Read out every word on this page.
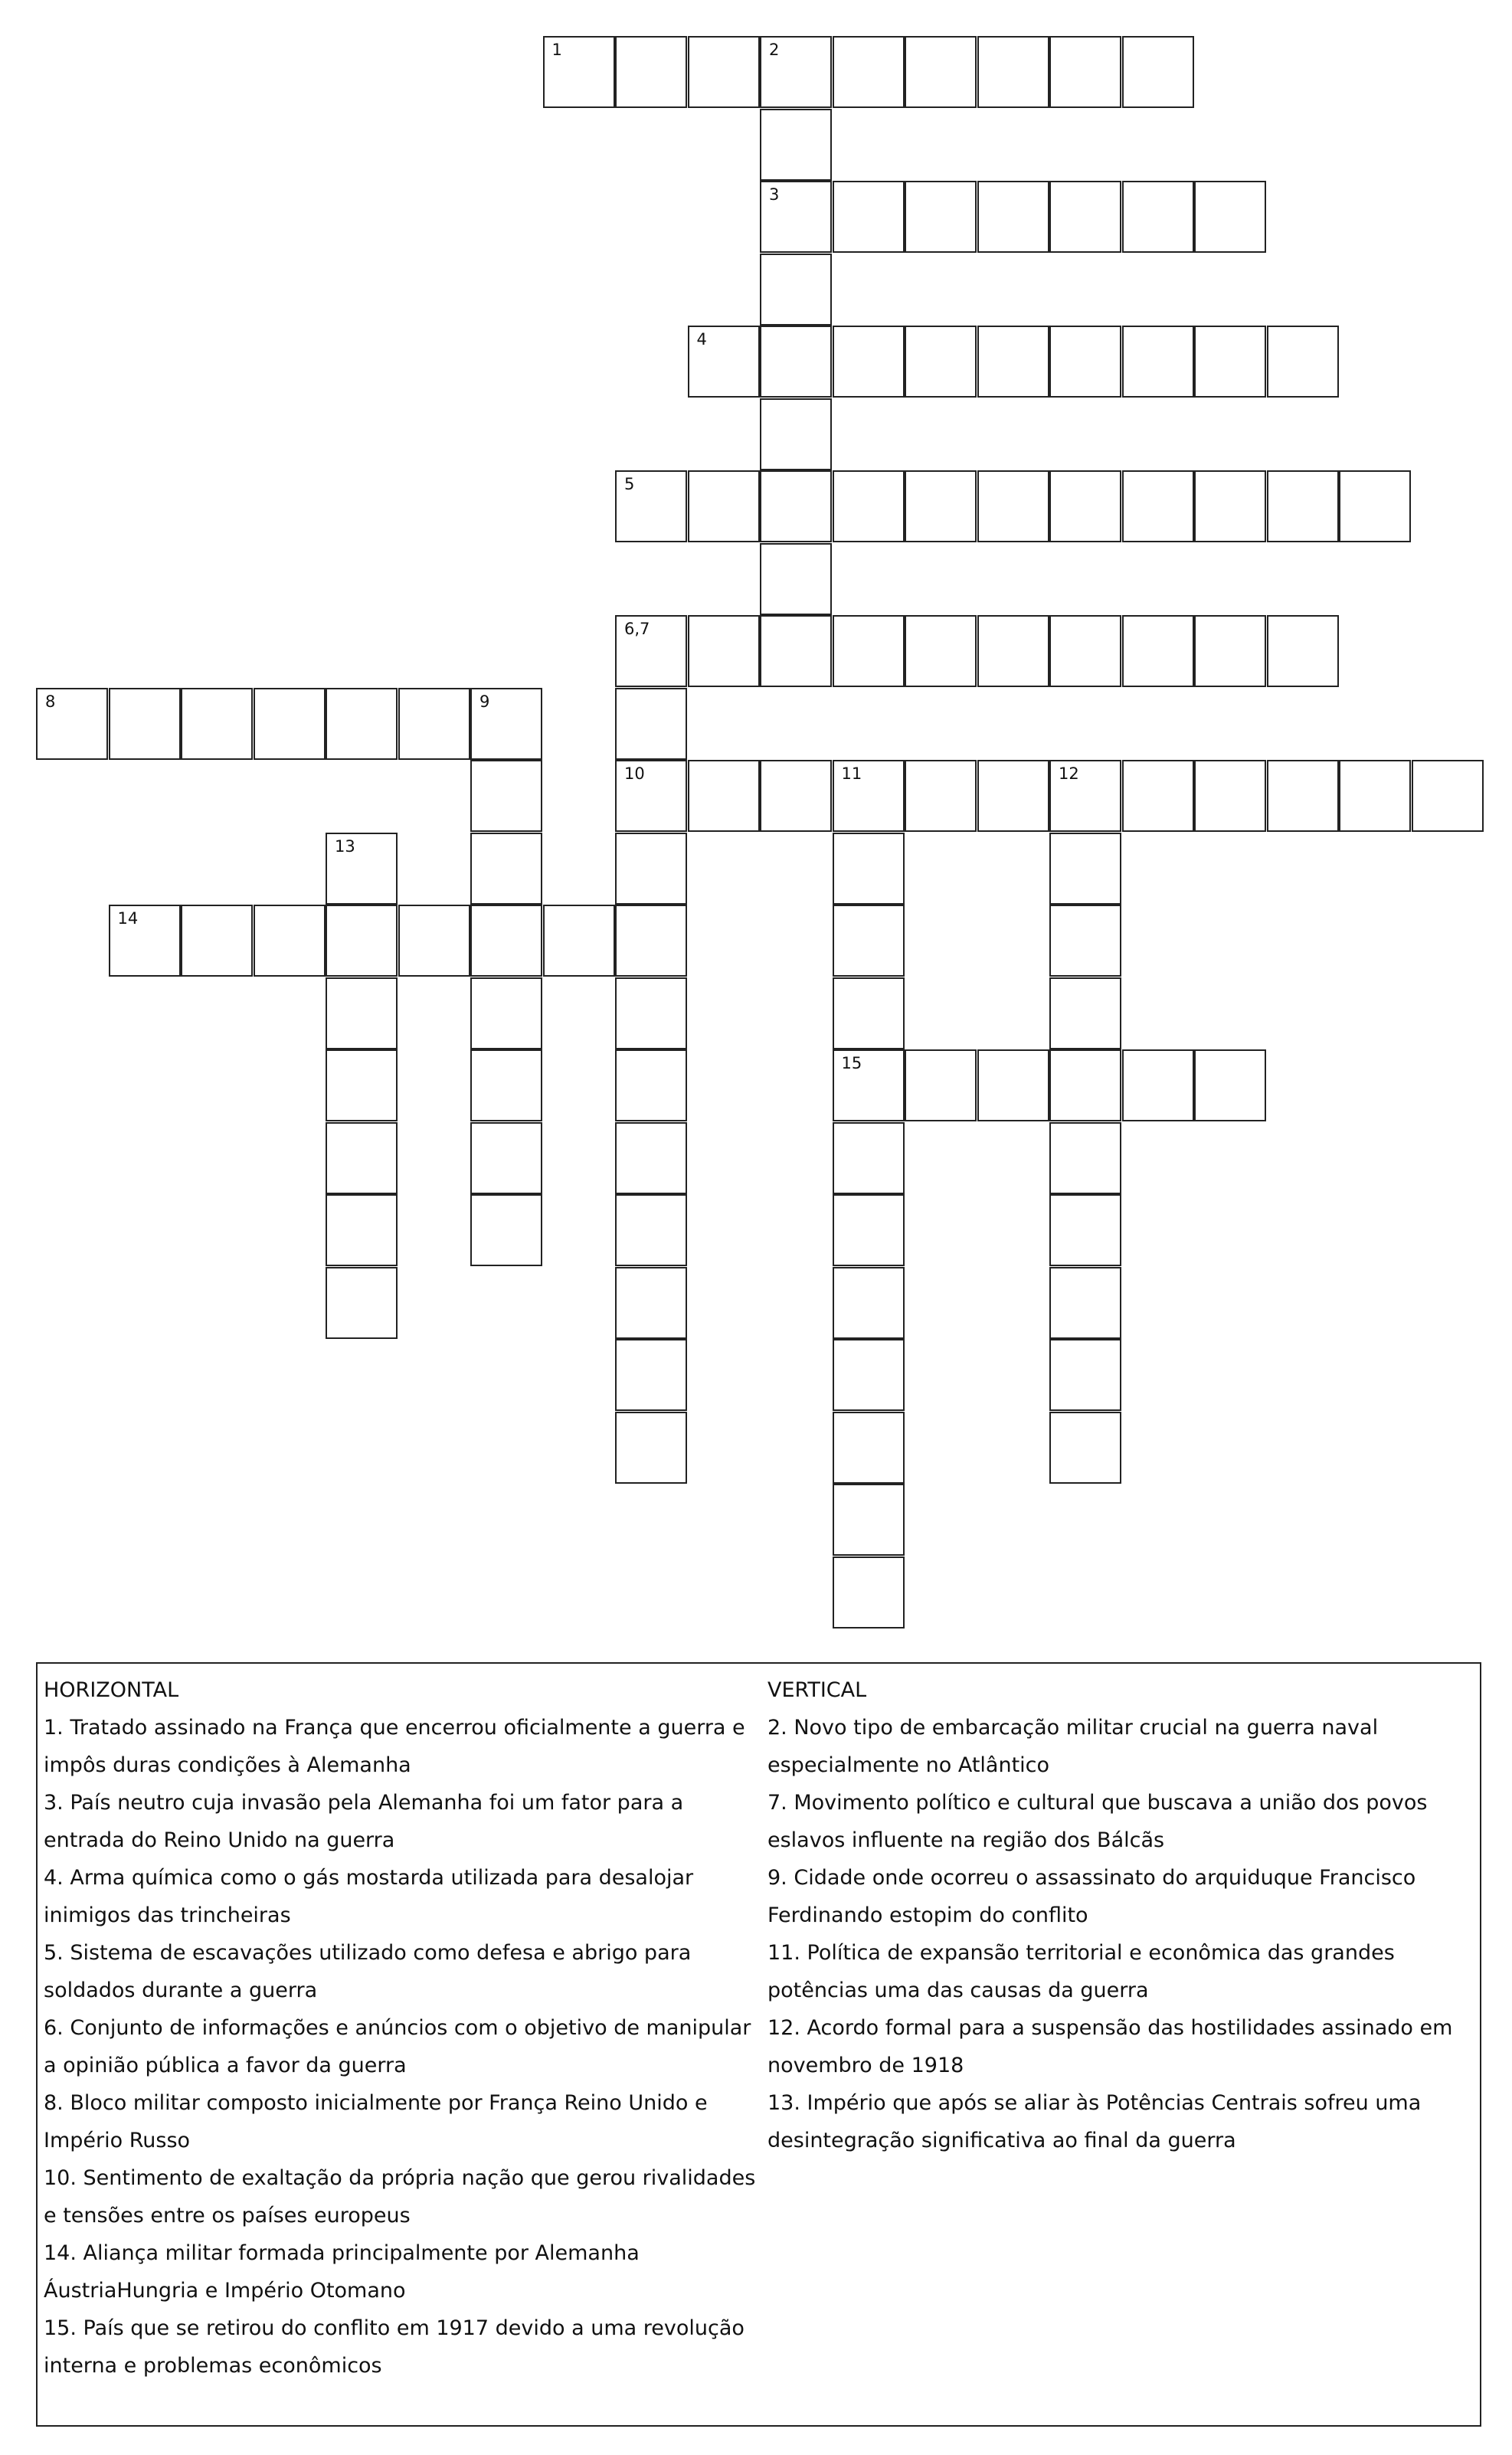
1	2
3
4
5
6,7
10
8	9
11	12
15
13
14

HORIZONTAL

1. Tratado assinado na França que encerrou oficialmente a guerra e impôs duras condições à Alemanha

3. País neutro cuja invasão pela Alemanha foi um fator para a entrada do Reino Unido na guerra

4. Arma química como o gás mostarda utilizada para desalojar inimigos das trincheiras

5. Sistema de escavações utilizado como defesa e abrigo para soldados durante a guerra

6. Conjunto de informações e anúncios com o objetivo de manipular a opinião pública a favor da guerra

8. Bloco militar composto inicialmente por França Reino Unido e Império Russo

10. Sentimento de exaltação da própria nação que gerou rivalidades e tensões entre os países europeus

14. Aliança militar formada principalmente por Alemanha ÁustriaHungria e Império Otomano

15. País que se retirou do conflito em 1917 devido a uma revolução interna e problemas econômicos

VERTICAL

2. Novo tipo de embarcação militar crucial na guerra naval especialmente no Atlântico

7. Movimento político e cultural que buscava a união dos povos eslavos influente na região dos Bálcãs

9. Cidade onde ocorreu o assassinato do arquiduque Francisco Ferdinando estopim do conflito

11. Política de expansão territorial e econômica das grandes potências uma das causas da guerra

12. Acordo formal para a suspensão das hostilidades assinado em novembro de 1918

13. Império que após se aliar às Potências Centrais sofreu uma desintegração significativa ao final da guerra
